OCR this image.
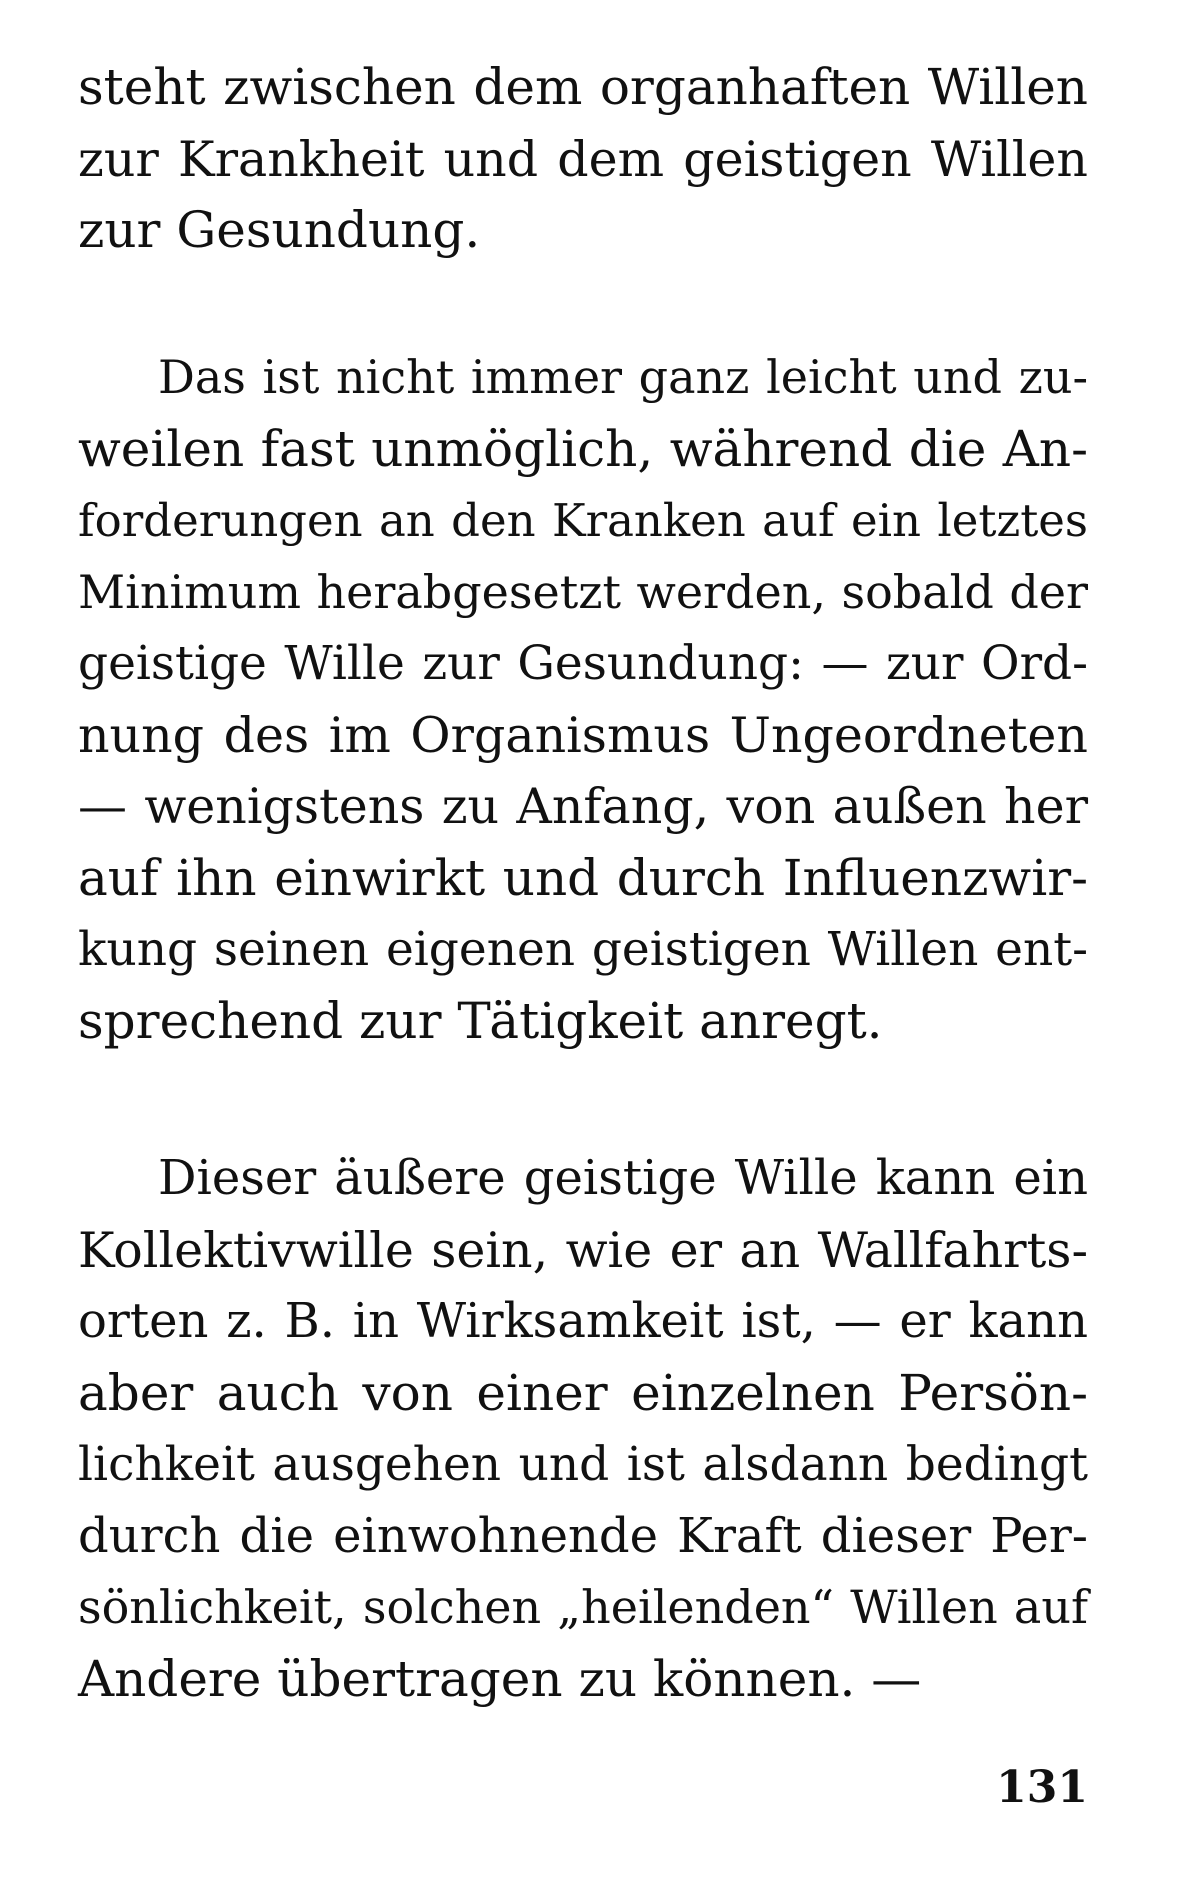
steht zwischen dem organhaften Willen
zur Krankheit und dem geistigen Willen
zur Gesundung.

Das ist nicht immer ganz leicht und zu-
weilen fast unmöglich, während die An-
forderungen an den Kranken auf ein letztes
Minimum herabgesetzt werden, sobald der
geistige Wille zur Gesundung: — zur Ord-
nung des im Organismus Ungeordneten
— wenigstens zu Anfang, von außen her
auf ihn einwirkt und durch Influenzwir-
kung seinen eigenen geistigen Willen ent-
sprechend zur Tätigkeit anregt.

Dieser äußere geistige Wille kann ein
Kollektivwille sein, wie er an Wallfahrts-
orten z. B. in Wirksamkeit ist, — er kann
aber auch von einer einzelnen Persön-
lichkeit ausgehen und ist alsdann bedingt
durch die einwohnende Kraft dieser Per-
sönlichkeit, solchen „heilenden“ Willen auf
Andere übertragen zu können. —

131
